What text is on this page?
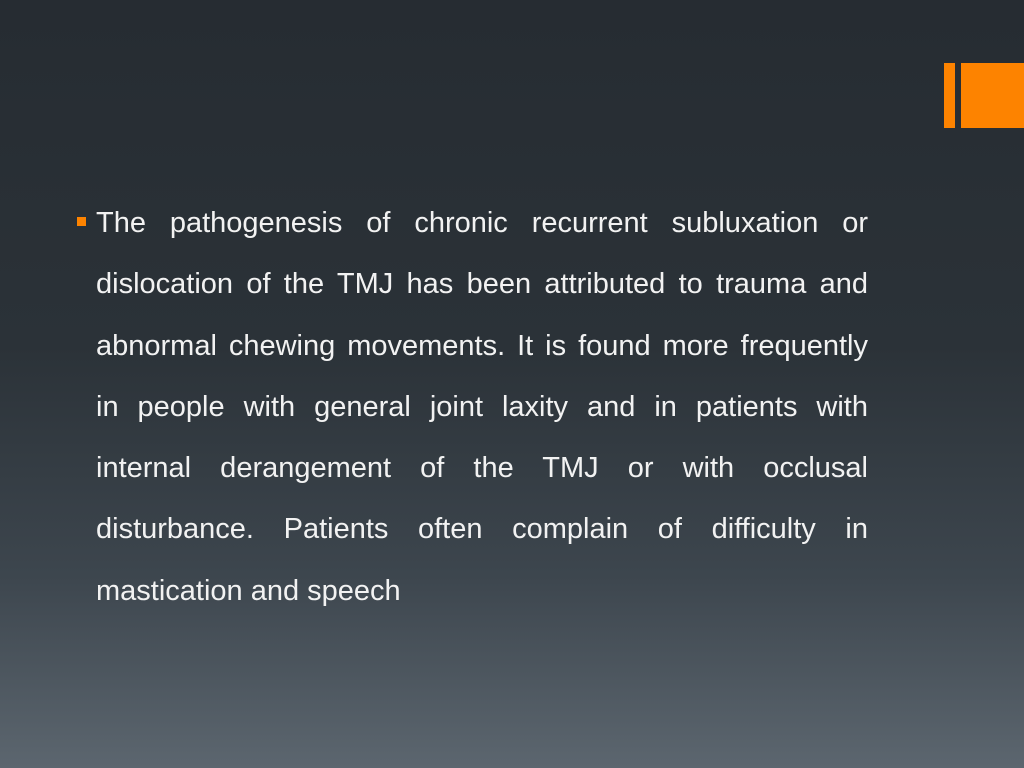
The pathogenesis of chronic recurrent subluxation or dislocation of the TMJ has been attributed to trauma and abnormal chewing movements. It is found more frequently in people with general joint laxity and in patients with internal derangement of the TMJ or with occlusal disturbance. Patients often complain of difficulty in mastication and speech
